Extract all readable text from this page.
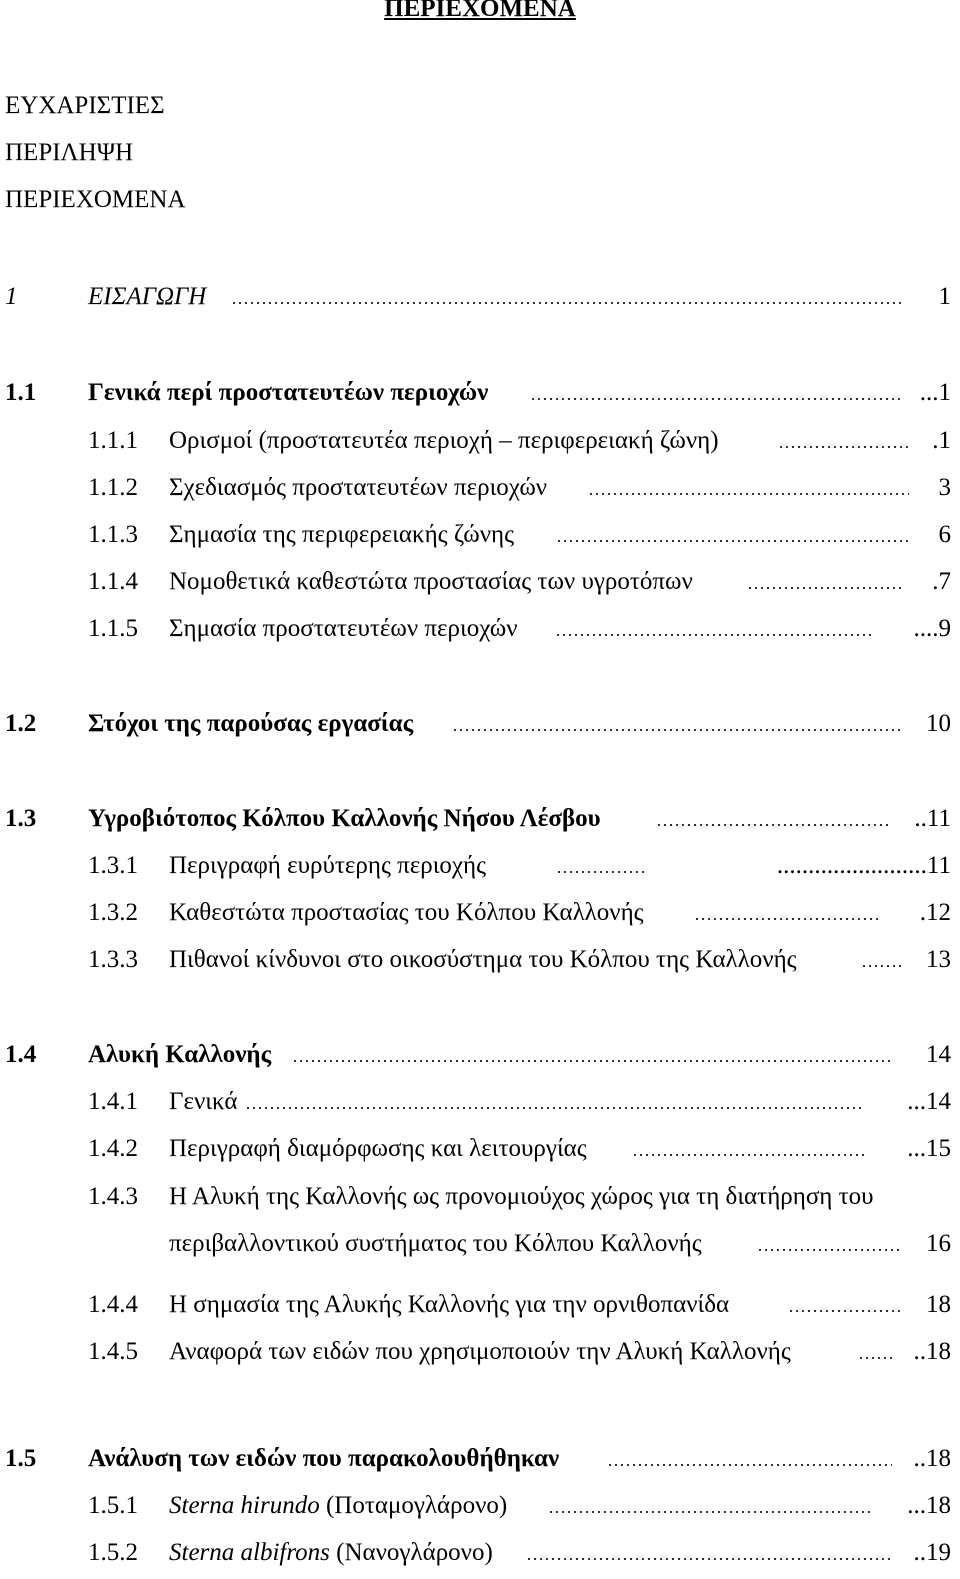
ΠΕΡΙΕΧΟΜΕΝΑ
ΕΥΧΑΡΙΣΤΙΕΣ
ΠΕΡΙΛΗΨΗ
ΠΕΡΙΕΧΟΜΕΝΑ
1	ΕΙΣΑΓΩΓΗ	1
1.1 Γενικά περί προστατευτέων περιοχών	...1
1.1.1 Ορισμοί (προστατευτέα περιοχή – περιφερειακή ζώνη)	.1
1.1.2 Σχεδιασμός προστατευτέων περιοχών	3
1.1.3 Σημασία της περιφερειακής ζώνης	6
1.1.4 Νομοθετικά καθεστώτα προστασίας των υγροτόπων	.7
1.1.5 Σημασία προστατευτέων περιοχών	....9
1.2 Στόχοι της παρούσας εργασίας	10
1.3 Υγροβιότοπος Κόλπου Καλλονής Νήσου Λέσβου	..11
1.3.1 Περιγραφή ευρύτερης περιοχής	........................11
1.3.2 Καθεστώτα προστασίας του Κόλπου Καλλονής	.12
1.3.3 Πιθανοί κίνδυνοι στο οικοσύστημα του Κόλπου της Καλλονής	13
1.4 Αλυκή Καλλονής	14
1.4.1 Γενικά	...14
1.4.2 Περιγραφή διαμόρφωσης και λειτουργίας	...15
1.4.3 Η Αλυκή της Καλλονής ως προνομιούχος χώρος για τη διατήρηση του
περιβαλλοντικού συστήματος του Κόλπου Καλλονής	16
1.4.4 Η σημασία της Αλυκής Καλλονής για την ορνιθοπανίδα	18
1.4.5 Αναφορά των ειδών που χρησιμοποιούν την Αλυκή Καλλονής	..18
1.5 Ανάλυση των ειδών που παρακολουθήθηκαν	..18
1.5.1 Sterna hirundo (Ποταμογλάρονο)	...18
1.5.2 Sterna albifrons (Νανογλάρονο)	..19
